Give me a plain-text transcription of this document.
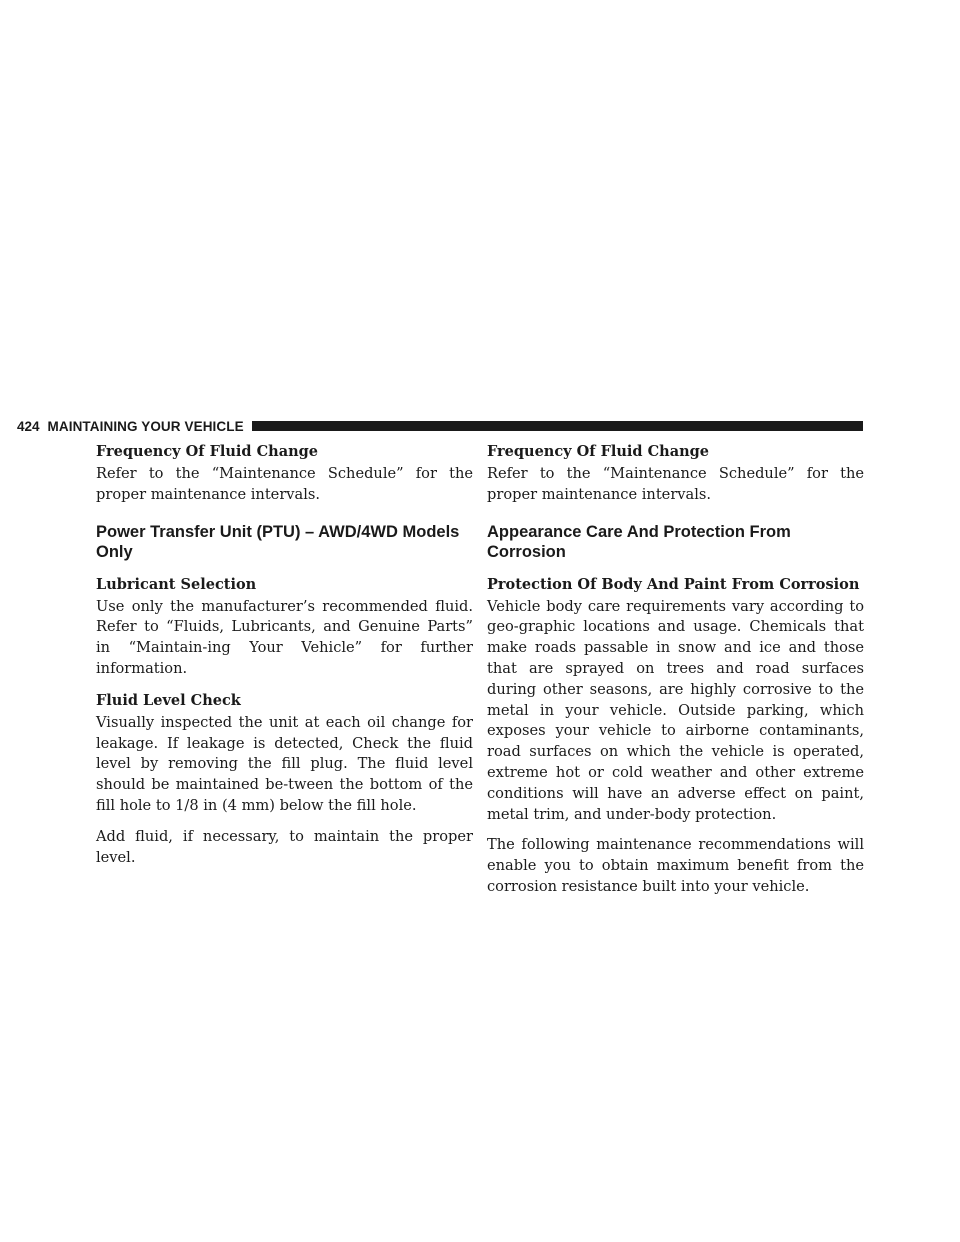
424 MAINTAINING YOUR VEHICLE
Frequency Of Fluid Change

Refer to the “Maintenance Schedule” for the proper maintenance intervals.

Power Transfer Unit (PTU) – AWD/4WD Models Only
Lubricant Selection

Use only the manufacturer’s recommended fluid. Refer to “Fluids, Lubricants, and Genuine Parts” in “Maintain-ing Your Vehicle” for further information.

Fluid Level Check

Visually inspected the unit at each oil change for leakage. If leakage is detected, Check the fluid level by removing the fill plug. The fluid level should be maintained be-tween the bottom of the fill hole to 1/8 in (4 mm) below the fill hole.

Add fluid, if necessary, to maintain the proper level.

Frequency Of Fluid Change

Refer to the “Maintenance Schedule” for the proper maintenance intervals.

Appearance Care And Protection From Corrosion
Protection Of Body And Paint From Corrosion

Vehicle body care requirements vary according to geo-graphic locations and usage. Chemicals that make roads passable in snow and ice and those that are sprayed on trees and road surfaces during other seasons, are highly corrosive to the metal in your vehicle. Outside parking, which exposes your vehicle to airborne contaminants, road surfaces on which the vehicle is operated, extreme hot or cold weather and other extreme conditions will have an adverse effect on paint, metal trim, and under-body protection.

The following maintenance recommendations will enable you to obtain maximum benefit from the corrosion resistance built into your vehicle.
